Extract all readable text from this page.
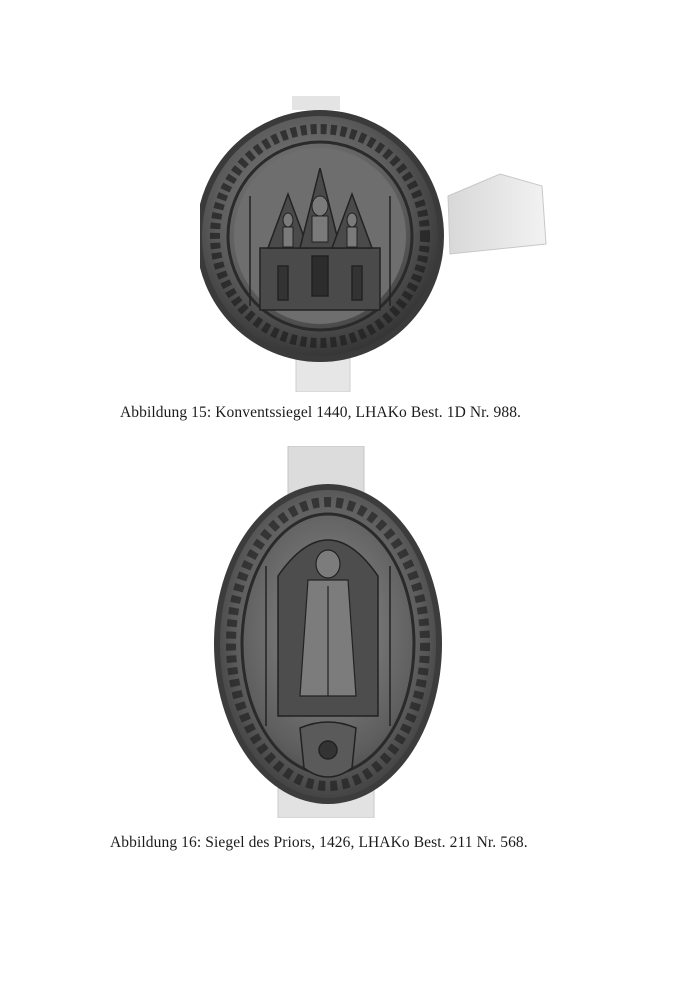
Abbildung 15: Konventssiegel 1440, LHAKo Best. 1D Nr. 988.
Abbildung 16: Siegel des Priors, 1426, LHAKo Best. 211 Nr. 568.
